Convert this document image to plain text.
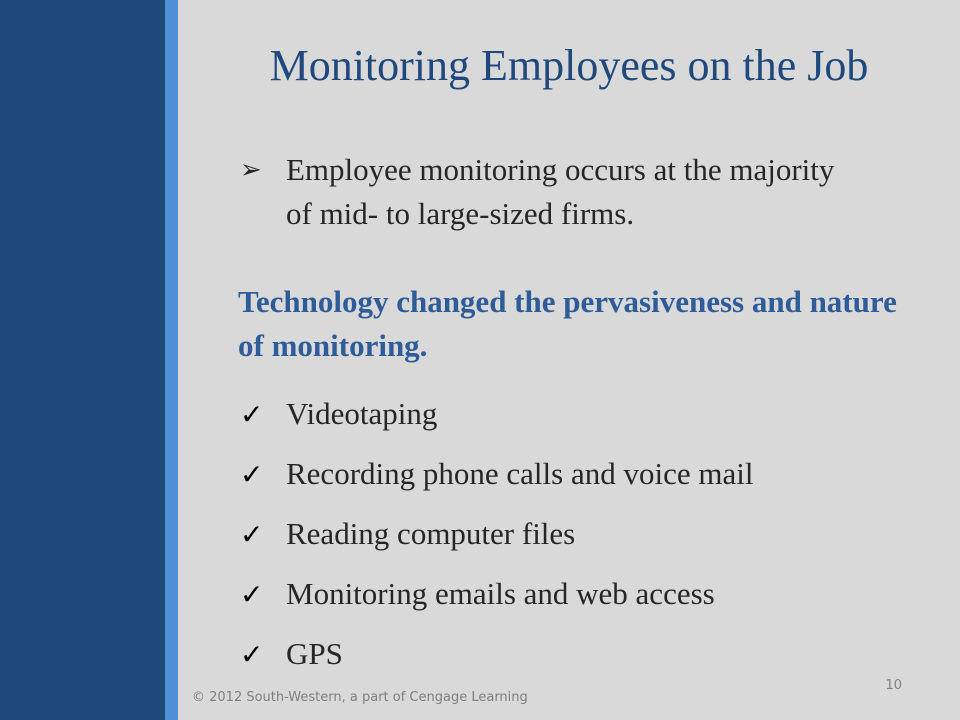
Monitoring Employees on the Job
➢ Employee monitoring occurs at the majority of mid- to large-sized firms.

Technology changed the pervasiveness and nature of monitoring.

✓ Videotaping
✓ Recording phone calls and voice mail
✓ Reading computer files
✓ Monitoring emails and web access
✓ GPS
© 2012 South-Western, a part of Cengage Learning
10
